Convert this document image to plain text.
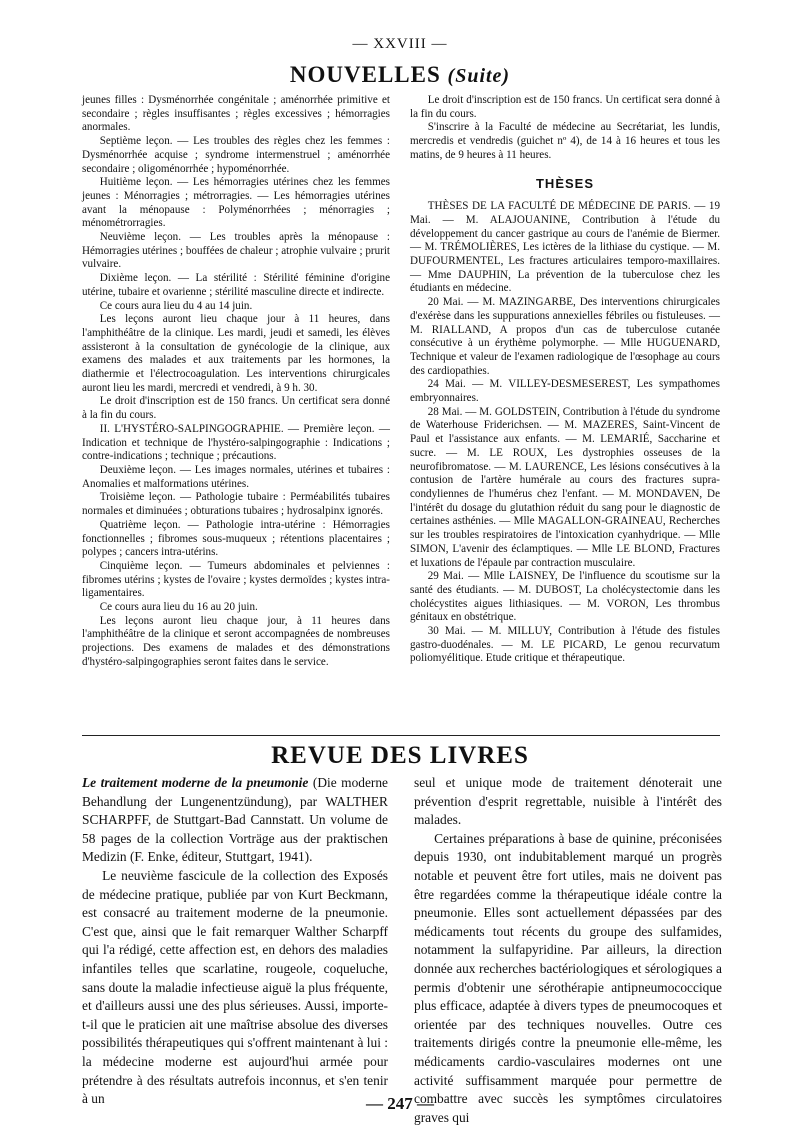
— XXVIII —
NOUVELLES (Suite)

jeunes filles : Dysménorrhée congénitale ; aménorrhée primitive et secondaire ; règles insuffisantes ; règles excessives ; hémorragies anormales.

Septième leçon. — Les troubles des règles chez les femmes : Dysménorrhée acquise ; syndrome intermenstruel ; aménorrhée secondaire ; oligoménorrhée ; hypoménorrhée.

Huitième leçon. — Les hémorragies utérines chez les femmes jeunes : Ménorragies ; métrorragies. — Les hémorragies utérines avant la ménopause : Polyménorrhées ; ménorragies ; ménométrorragies.

Neuvième leçon. — Les troubles après la ménopause : Hémorragies utérines ; bouffées de chaleur ; atrophie vulvaire ; prurit vulvaire.

Dixième leçon. — La stérilité : Stérilité féminine d'origine utérine, tubaire et ovarienne ; stérilité masculine directe et indirecte.

Ce cours aura lieu du 4 au 14 juin.

Les leçons auront lieu chaque jour à 11 heures, dans l'amphithéâtre de la clinique. Les mardi, jeudi et samedi, les élèves assisteront à la consultation de gynécologie de la clinique, aux examens des malades et aux traitements par les hormones, la diathermie et l'électrocoagulation. Les interventions chirurgicales auront lieu les mardi, mercredi et vendredi, à 9 h. 30.

Le droit d'inscription est de 150 francs. Un certificat sera donné à la fin du cours.

II. L'HYSTÉRO-SALPINGOGRAPHIE. — Première leçon. — Indication et technique de l'hystéro-salpingographie : Indications ; contre-indications ; technique ; précautions.

Deuxième leçon. — Les images normales, utérines et tubaires : Anomalies et malformations utérines.

Troisième leçon. — Pathologie tubaire : Perméabilités tubaires normales et diminuées ; obturations tubaires ; hydrosalpinx ignorés.

Quatrième leçon. — Pathologie intra-utérine : Hémorragies fonctionnelles ; fibromes sous-muqueux ; rétentions placentaires ; polypes ; cancers intra-utérins.

Cinquième leçon. — Tumeurs abdominales et pelviennes : fibromes utérins ; kystes de l'ovaire ; kystes dermoïdes ; kystes intra-ligamentaires.

Ce cours aura lieu du 16 au 20 juin.

Les leçons auront lieu chaque jour, à 11 heures dans l'amphithéâtre de la clinique et seront accompagnées de nombreuses projections. Des examens de malades et des démonstrations d'hystéro-salpingographies seront faites dans le service.

Le droit d'inscription est de 150 francs. Un certificat sera donné à la fin du cours.

S'inscrire à la Faculté de médecine au Secrétariat, les lundis, mercredis et vendredis (guichet nº 4), de 14 à 16 heures et tous les matins, de 9 heures à 11 heures.

THÈSES

THÈSES DE LA FACULTÉ DE MÉDECINE DE PARIS. — 19 Mai. — M. ALAJOUANINE, Contribution à l'étude du développement du cancer gastrique au cours de l'anémie de Biermer. — M. TRÉMOLIÈRES, Les ictères de la lithiase du cystique. — M. DUFOURMENTEL, Les fractures articulaires temporo-maxillaires. — Mme DAUPHIN, La prévention de la tuberculose chez les étudiants en médecine.

20 Mai. — M. MAZINGARBE, Des interventions chirurgicales d'exérèse dans les suppurations annexielles fébriles ou fistuleuses. — M. RIALLAND, A propos d'un cas de tuberculose cutanée consécutive à un érythème polymorphe. — Mlle HUGUENARD, Technique et valeur de l'examen radiologique de l'œsophage au cours des cardiopathies.

24 Mai. — M. VILLEY-DESMESEREST, Les sympathomes embryonnaires.

28 Mai. — M. GOLDSTEIN, Contribution à l'étude du syndrome de Waterhouse Friderichsen. — M. MAZERES, Saint-Vincent de Paul et l'assistance aux enfants. — M. LEMARIÉ, Saccharine et sucre. — M. LE ROUX, Les dystrophies osseuses de la neurofibromatose. — M. LAURENCE, Les lésions consécutives à la contusion de l'artère humérale au cours des fractures supra-condyliennes de l'humérus chez l'enfant. — M. MONDAVEN, De l'intérêt du dosage du glutathion réduit du sang pour le diagnostic de certaines asthénies. — Mlle MAGALLON-GRAINEAU, Recherches sur les troubles respiratoires de l'intoxication cyanhydrique. — Mlle SIMON, L'avenir des éclamptiques. — Mlle LE BLOND, Fractures et luxations de l'épaule par contraction musculaire.

29 Mai. — Mlle LAISNEY, De l'influence du scoutisme sur la santé des étudiants. — M. DUBOST, La cholécystectomie dans les cholécystites aigues lithiasiques. — M. VORON, Les thrombus génitaux en obstétrique.

30 Mai. — M. MILLUY, Contribution à l'étude des fistules gastro-duodénales. — M. LE PICARD, Le genou recurvatum poliomyélitique. Etude critique et thérapeutique.

REVUE DES LIVRES

Le traitement moderne de la pneumonie (Die moderne Behandlung der Lungenentzündung), par WALTHER SCHARPFF, de Stuttgart-Bad Cannstatt. Un volume de 58 pages de la collection Vorträge aus der praktischen Medizin (F. Enke, éditeur, Stuttgart, 1941).

Le neuvième fascicule de la collection des Exposés de médecine pratique, publiée par von Kurt Beckmann, est consacré au traitement moderne de la pneumonie. C'est que, ainsi que le fait remarquer Walther Scharpff qui l'a rédigé, cette affection est, en dehors des maladies infantiles telles que scarlatine, rougeole, coqueluche, sans doute la maladie infectieuse aiguë la plus fréquente, et d'ailleurs aussi une des plus sérieuses. Aussi, importe-t-il que le praticien ait une maîtrise absolue des diverses possibilités thérapeutiques qui s'offrent maintenant à lui : la médecine moderne est aujourd'hui armée pour prétendre à des résultats autrefois inconnus, et s'en tenir à un

seul et unique mode de traitement dénoterait une prévention d'esprit regrettable, nuisible à l'intérêt des malades.

Certaines préparations à base de quinine, préconisées depuis 1930, ont indubitablement marqué un progrès notable et peuvent être fort utiles, mais ne doivent pas être regardées comme la thérapeutique idéale contre la pneumonie. Elles sont actuellement dépassées par des médicaments tout récents du groupe des sulfamides, notamment la sulfapyridine. Par ailleurs, la direction donnée aux recherches bactériologiques et sérologiques a permis d'obtenir une sérothérapie antipneumococcique plus efficace, adaptée à divers types de pneumocoques et orientée par des techniques nouvelles. Outre ces traitements dirigés contre la pneumonie elle-même, les médicaments cardio-vasculaires modernes ont une activité suffisamment marquée pour permettre de combattre avec succès les symptômes circulatoires graves qui

— 247 —
